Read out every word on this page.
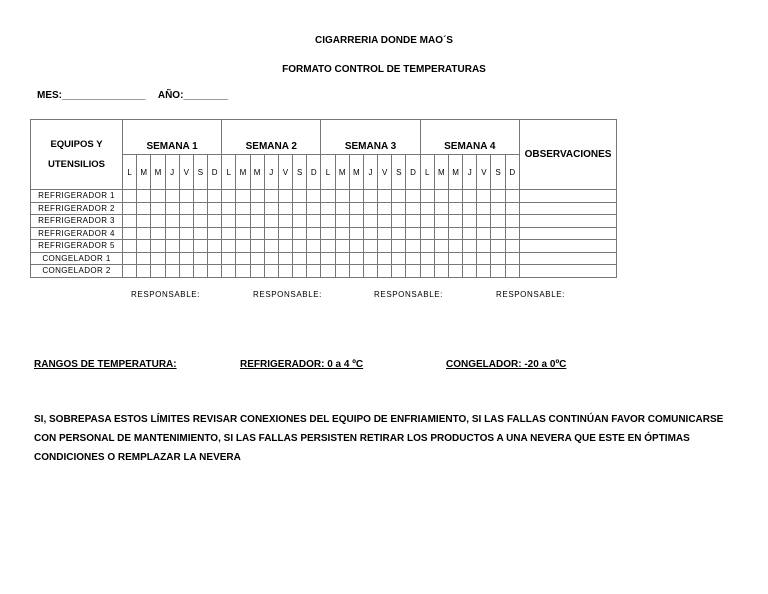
CIGARRERIA DONDE MAO´S
FORMATO CONTROL DE TEMPERATURAS
MES:_______________ AÑO:________
EQUIPOS Y UTENSILIOS	SEMANA 1							SEMANA 2							SEMANA 3							SEMANA 4							OBSERVACIONES
	L	M	M	J	V	S	D	L	M	M	J	V	S	D	L	M	M	J	V	S	D	L	M	M	J	V	S	D	
REFRIGERADOR 1																													
REFRIGERADOR 2																													
REFRIGERADOR 3																													
REFRIGERADOR 4																													
REFRIGERADOR 5																													
CONGELADOR 1																													
CONGELADOR 2																													
RESPONSABLE:	RESPONSABLE:	RESPONSABLE:	RESPONSABLE:
RANGOS DE TEMPERATURA:	REFRIGERADOR: 0 a 4 ºC	CONGELADOR: -20 a 0ºC
SI, SOBREPASA ESTOS LÍMITES REVISAR CONEXIONES DEL EQUIPO DE ENFRIAMIENTO, SI LAS FALLAS CONTINÚAN FAVOR COMUNICARSE CON PERSONAL DE MANTENIMIENTO, SI LAS FALLAS PERSISTEN RETIRAR LOS PRODUCTOS A UNA NEVERA QUE ESTE EN ÓPTIMAS CONDICIONES O REMPLAZAR LA NEVERA
